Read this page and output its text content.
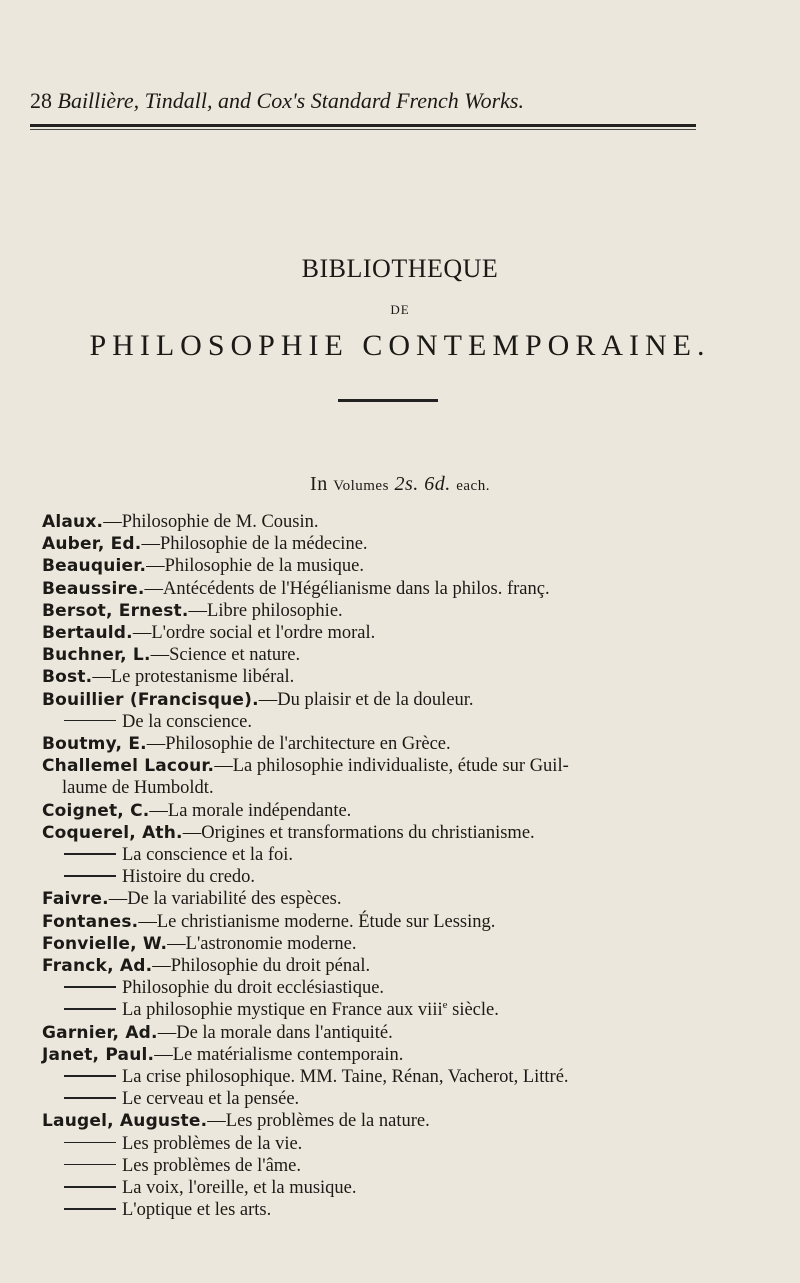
28 Baillière, Tindall, and Cox's Standard French Works.
BIBLIOTHEQUE
DE
PHILOSOPHIE CONTEMPORAINE.
In Volumes 2s. 6d. each.
Alaux.—Philosophie de M. Cousin.
Auber, Ed.—Philosophie de la médecine.
Beauquier.—Philosophie de la musique.
Beaussire.—Antécédents de l'Hégélianisme dans la philos. franç.
Bersot, Ernest.—Libre philosophie.
Bertauld.—L'ordre social et l'ordre moral.
Buchner, L.—Science et nature.
Bost.—Le protestanisme libéral.
Bouillier (Francisque).—Du plaisir et de la douleur.
De la conscience.
Boutmy, E.—Philosophie de l'architecture en Grèce.
Challemel Lacour.—La philosophie individualiste, étude sur Guil-
laume de Humboldt.
Coignet, C.—La morale indépendante.
Coquerel, Ath.—Origines et transformations du christianisme.
La conscience et la foi.
Histoire du credo.
Faivre.—De la variabilité des espèces.
Fontanes.—Le christianisme moderne. Étude sur Lessing.
Fonvielle, W.—L'astronomie moderne.
Franck, Ad.—Philosophie du droit pénal.
Philosophie du droit ecclésiastique.
La philosophie mystique en France aux viii$^e$ siècle.
Garnier, Ad.—De la morale dans l'antiquité.
Janet, Paul.—Le matérialisme contemporain.
La crise philosophique. MM. Taine, Rénan, Vacherot, Littré.
Le cerveau et la pensée.
Laugel, Auguste.—Les problèmes de la nature.
Les problèmes de la vie.
Les problèmes de l'âme.
La voix, l'oreille, et la musique.
L'optique et les arts.
